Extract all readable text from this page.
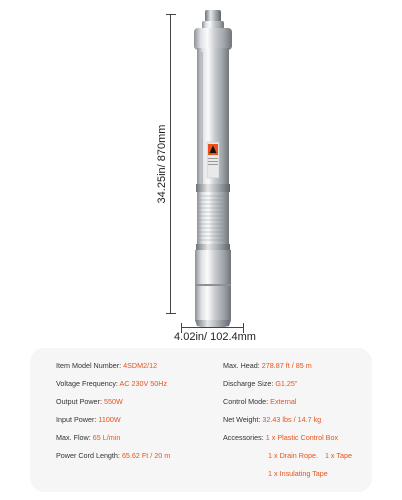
34.25in/ 870mm
4.02in/ 102.4mm
Item Model Number: 4SDM2/12
Voltage Frequency: AC 230V 50Hz
Output Power: 550W
Input Power: 1100W
Max. Flow: 65 L/min
Power Cord Length: 65.62 Ft / 20 m
Max. Head: 278.87 ft / 85 m
Discharge Size: G1.25"
Control Mode: External
Net Weight: 32.43 lbs / 14.7 kg
Accessories: 1 x Plastic Control Box
1 x Drain Rope. 1 x Tape
1 x Insulating Tape
